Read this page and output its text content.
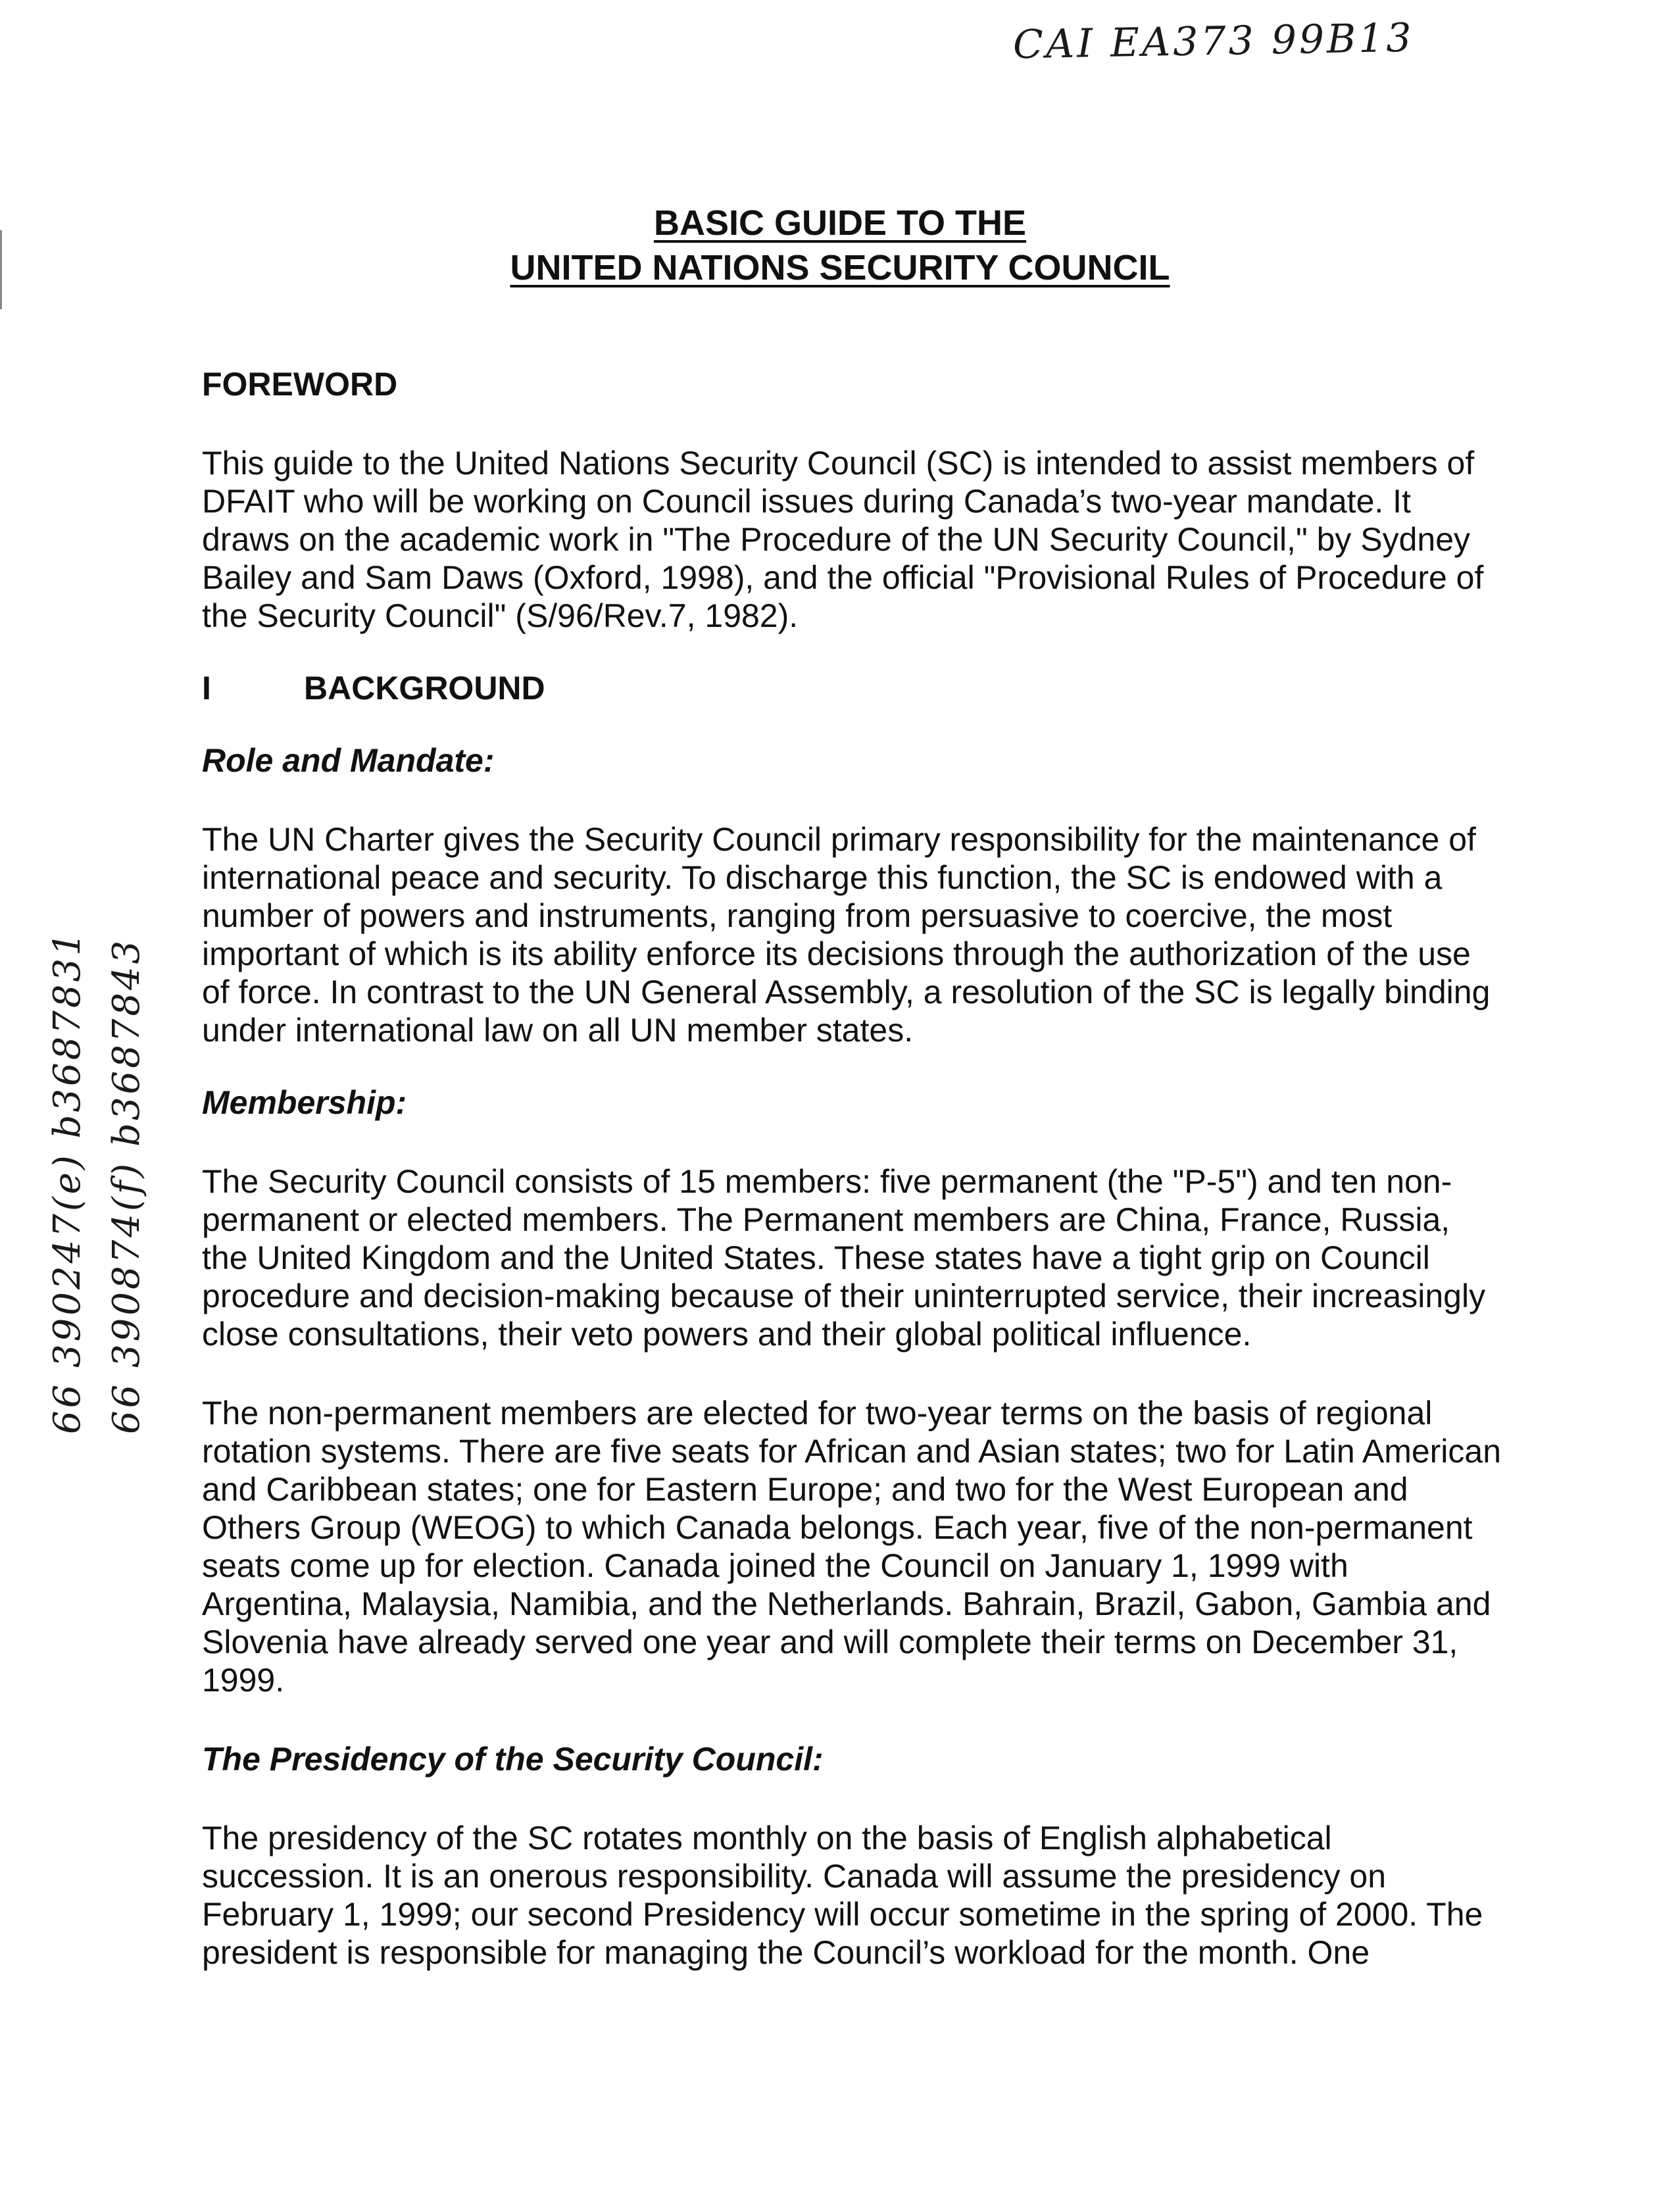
CAI EA373 99B13
66 390247(e) b3687831 66 390874(f) b3687843
BASIC GUIDE TO THE
UNITED NATIONS SECURITY COUNCIL
FOREWORD

This guide to the United Nations Security Council (SC) is intended to assist members of DFAIT who will be working on Council issues during Canada’s two-year mandate. It draws on the academic work in "The Procedure of the UN Security Council," by Sydney Bailey and Sam Daws (Oxford, 1998), and the official "Provisional Rules of Procedure of the Security Council" (S/96/Rev.7, 1982).

I	BACKGROUND
Role and Mandate:

The UN Charter gives the Security Council primary responsibility for the maintenance of international peace and security. To discharge this function, the SC is endowed with a number of powers and instruments, ranging from persuasive to coercive, the most important of which is its ability enforce its decisions through the authorization of the use of force. In contrast to the UN General Assembly, a resolution of the SC is legally binding under international law on all UN member states.

Membership:

The Security Council consists of 15 members: five permanent (the "P-5") and ten non-permanent or elected members. The Permanent members are China, France, Russia, the United Kingdom and the United States. These states have a tight grip on Council procedure and decision-making because of their uninterrupted service, their increasingly close consultations, their veto powers and their global political influence.

The non-permanent members are elected for two-year terms on the basis of regional rotation systems. There are five seats for African and Asian states; two for Latin American and Caribbean states; one for Eastern Europe; and two for the West European and Others Group (WEOG) to which Canada belongs. Each year, five of the non-permanent seats come up for election. Canada joined the Council on January 1, 1999 with Argentina, Malaysia, Namibia, and the Netherlands. Bahrain, Brazil, Gabon, Gambia and Slovenia have already served one year and will complete their terms on December 31, 1999.

The Presidency of the Security Council:

The presidency of the SC rotates monthly on the basis of English alphabetical succession. It is an onerous responsibility. Canada will assume the presidency on February 1, 1999; our second Presidency will occur sometime in the spring of 2000. The president is responsible for managing the Council’s workload for the month. One
